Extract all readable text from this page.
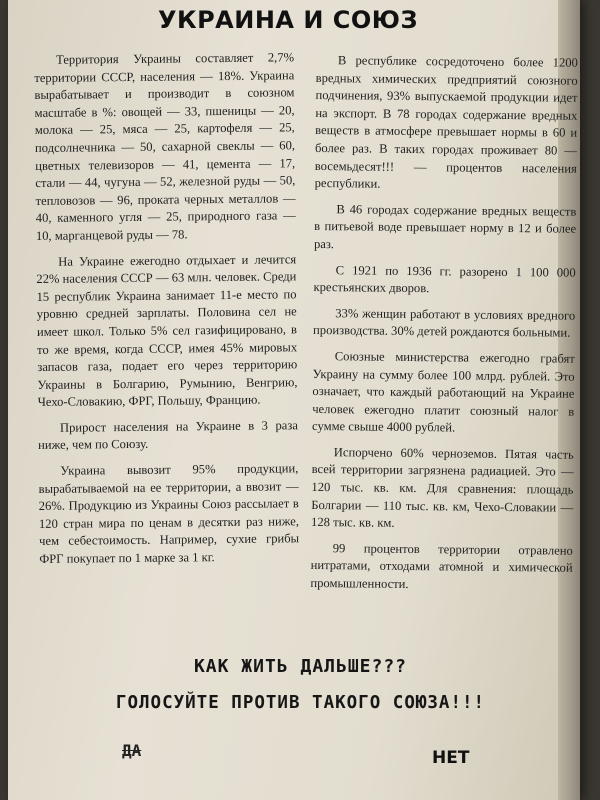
УКРАИНА И СОЮЗ

Территория Украины составляет 2,7% территории СССР, населения — 18%. Украина вырабатывает и производит в союзном масштабе в %: овощей — 33, пшеницы — 20, молока — 25, мяса — 25, картофеля — 25, подсолнечника — 50, сахарной свеклы — 60, цветных телевизоров — 41, цемента — 17, стали — 44, чугуна — 52, железной руды — 50, тепловозов — 96, проката черных металлов — 40, каменного угля — 25, природного газа — 10, марганцевой руды — 78.

На Украине ежегодно отдыхает и лечится 22% населения СССР — 63 млн. человек. Среди 15 республик Украина занимает 11-е место по уровню средней зарплаты. Половина сел не имеет школ. Только 5% сел газифицировано, в то же время, когда СССР, имея 45% мировых запасов газа, подает его через территорию Украины в Болгарию, Румынию, Венгрию, Чехо-Словакию, ФРГ, Польшу, Францию.

Прирост населения на Украине в 3 раза ниже, чем по Союзу.

Украина вывозит 95% продукции, вырабатываемой на ее территории, а ввозит — 26%. Продукцию из Украины Союз рассылает в 120 стран мира по ценам в десятки раз ниже, чем себестоимость. Например, сухие грибы ФРГ покупает по 1 марке за 1 кг.

В республике сосредоточено более 1200 вредных химических предприятий союзного подчинения, 93% выпускаемой продукции идет на экспорт. В 78 городах содержание вредных веществ в атмосфере превышает нормы в 60 и более раз. В таких городах проживает 80 — восемьдесят!!! — процентов населения республики.

В 46 городах содержание вредных веществ в питьевой воде превышает норму в 12 и более раз.

С 1921 по 1936 гг. разорено 1 100 000 крестьянских дворов.

33% женщин работают в условиях вредного производства. 30% детей рождаются больными.

Союзные министерства ежегодно грабят Украину на сумму более 100 млрд. рублей. Это означает, что каждый работающий на Украине человек ежегодно платит союзный налог в сумме свыше 4000 рублей.

Испорчено 60% черноземов. Пятая часть всей территории загрязнена радиацией. Это — 120 тыс. кв. км. Для сравнения: площадь Болгарии — 110 тыс. кв. км, Чехо-Словакии — 128 тыс. кв. км.

99 процентов территории отравлено нитратами, отходами атомной и химической промышленности.

КАК ЖИТЬ ДАЛЬШЕ???
ГОЛОСУЙТЕ ПРОТИВ ТАКОГО СОЮЗА!!!
ДА	НЕТ
